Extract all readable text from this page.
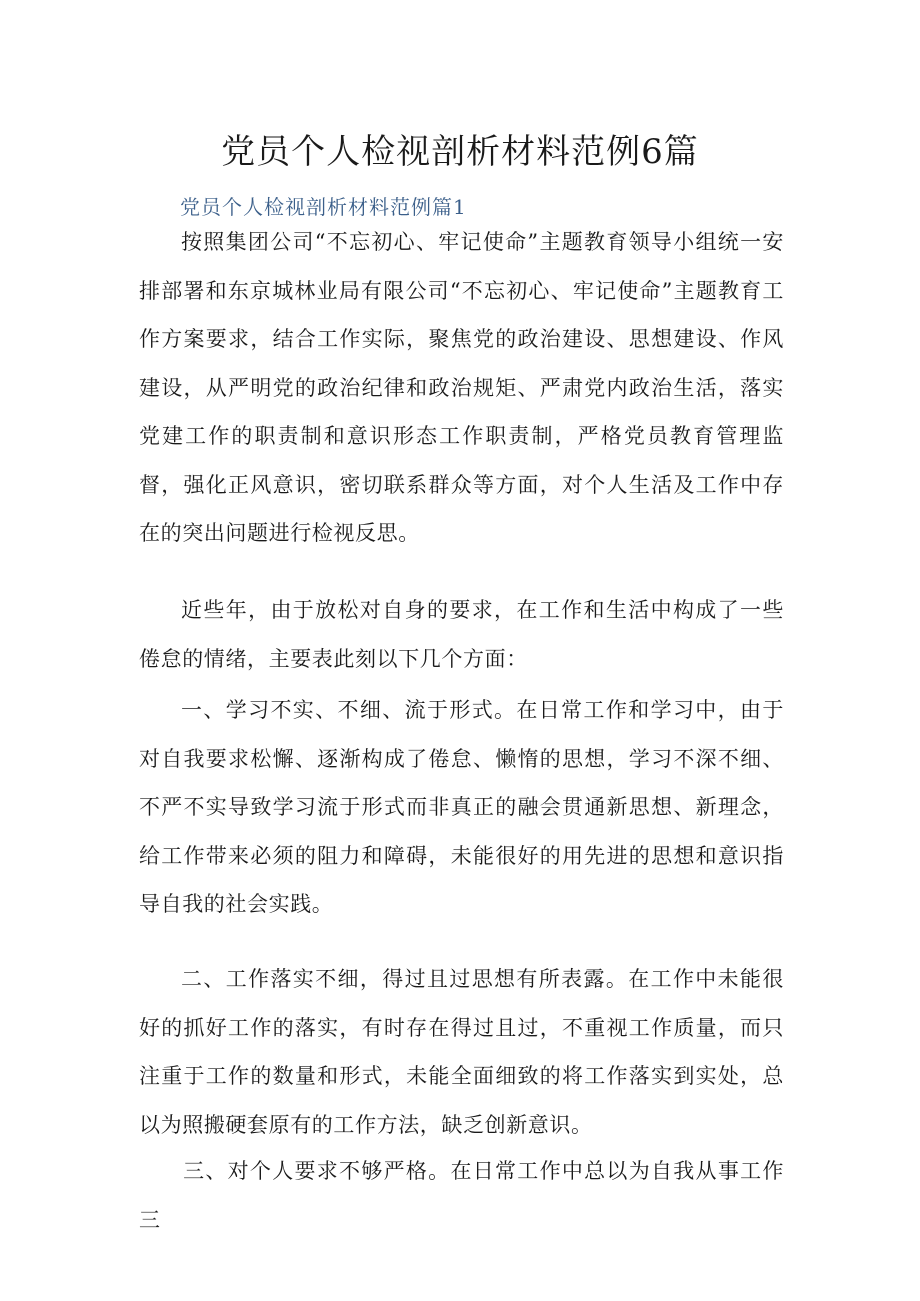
党员个人检视剖析材料范例6篇
党员个人检视剖析材料范例篇1

按照集团公司“不忘初心、牢记使命”主题教育领导小组统一安排部署和东京城林业局有限公司“不忘初心、牢记使命”主题教育工作方案要求，结合工作实际，聚焦党的政治建设、思想建设、作风建设，从严明党的政治纪律和政治规矩、严肃党内政治生活，落实党建工作的职责制和意识形态工作职责制，严格党员教育管理监督，强化正风意识，密切联系群众等方面，对个人生活及工作中存在的突出问题进行检视反思。

近些年，由于放松对自身的要求，在工作和生活中构成了一些倦怠的情绪，主要表此刻以下几个方面：

一、学习不实、不细、流于形式。在日常工作和学习中，由于对自我要求松懈、逐渐构成了倦怠、懒惰的思想，学习不深不细、不严不实导致学习流于形式而非真正的融会贯通新思想、新理念，给工作带来必须的阻力和障碍，未能很好的用先进的思想和意识指导自我的社会实践。

二、工作落实不细，得过且过思想有所表露。在工作中未能很好的抓好工作的落实，有时存在得过且过，不重视工作质量，而只注重于工作的数量和形式，未能全面细致的将工作落实到实处，总以为照搬硬套原有的工作方法，缺乏创新意识。

三、对个人要求不够严格。在日常工作中总以为自我从事工作三
